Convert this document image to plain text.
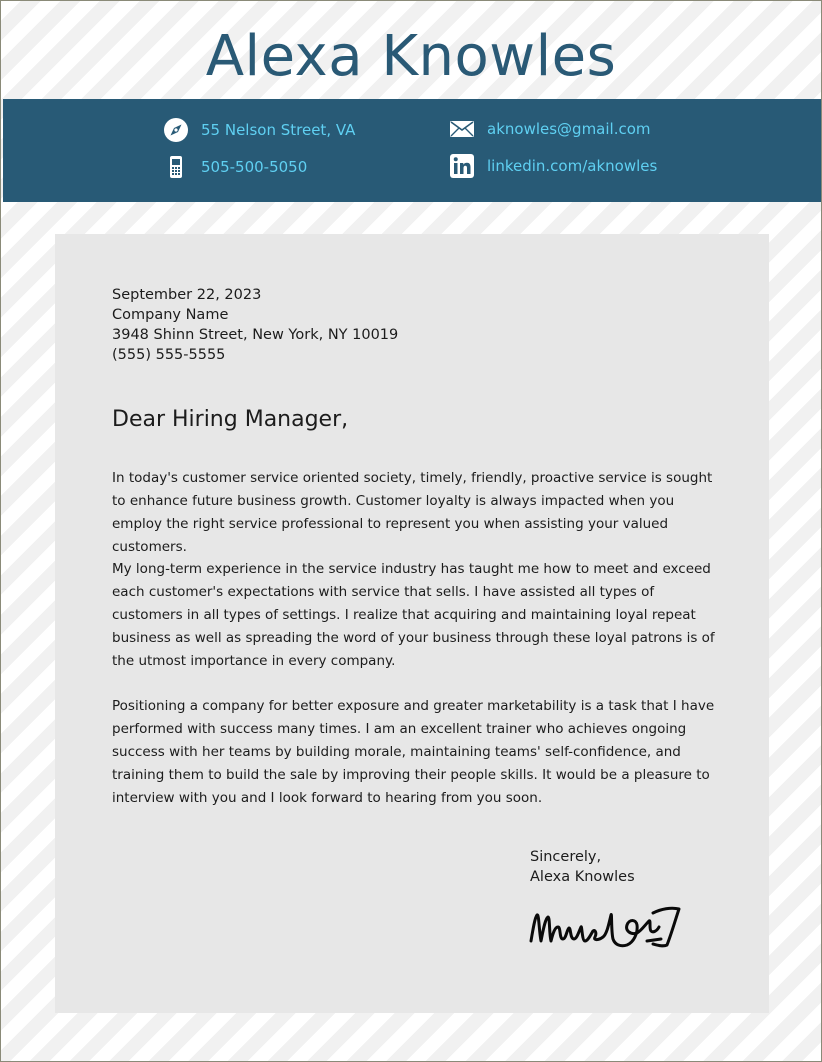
Alexa Knowles
55 Nelson Street, VA
505-500-5050
aknowles@gmail.com
linkedin.com/aknowles
September 22, 2023
Company Name
3948 Shinn Street, New York, NY 10019
(555) 555-5555
Dear Hiring Manager,

In today's customer service oriented society, timely, friendly, proactive service is sought to enhance future business growth. Customer loyalty is always impacted when you employ the right service professional to represent you when assisting your valued customers.

My long-term experience in the service industry has taught me how to meet and exceed each customer's expectations with service that sells. I have assisted all types of customers in all types of settings. I realize that acquiring and maintaining loyal repeat business as well as spreading the word of your business through these loyal patrons is of the utmost importance in every company.

Positioning a company for better exposure and greater marketability is a task that I have performed with success many times. I am an excellent trainer who achieves ongoing success with her teams by building morale, maintaining teams' self-confidence, and training them to build the sale by improving their people skills. It would be a pleasure to interview with you and I look forward to hearing from you soon.

Sincerely,
Alexa Knowles
